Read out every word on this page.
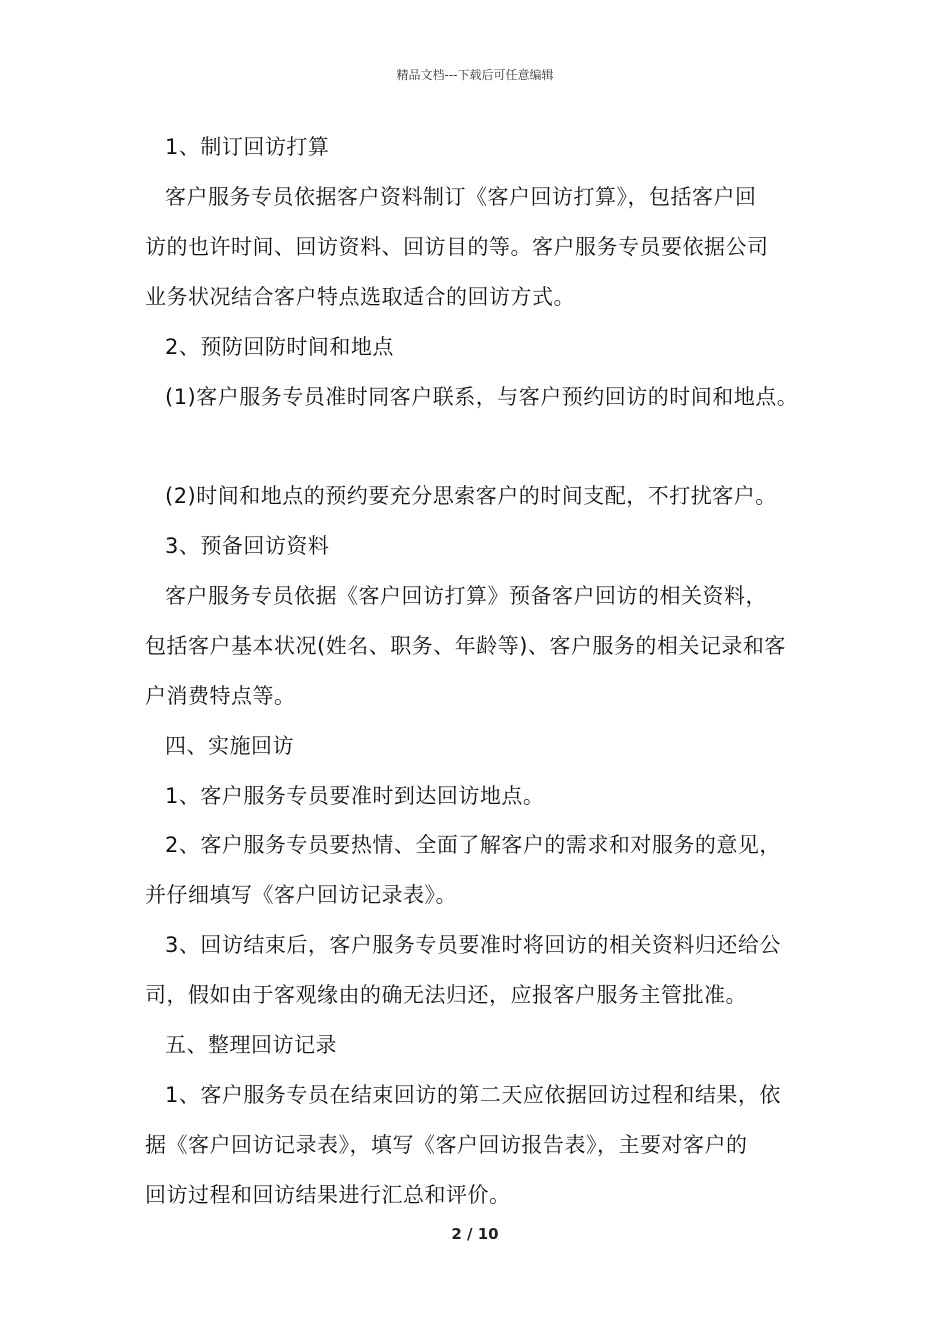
精品文档---下载后可任意编辑
1、制订回访打算
客户服务专员依据客户资料制订《客户回访打算》，包括客户回
访的也许时间、回访资料、回访目的等。客户服务专员要依据公司
业务状况结合客户特点选取适合的回访方式。
2、预防回防时间和地点
(1)客户服务专员准时同客户联系，与客户预约回访的时间和地点。
(2)时间和地点的预约要充分思索客户的时间支配，不打扰客户。
3、预备回访资料
客户服务专员依据《客户回访打算》预备客户回访的相关资料，
包括客户基本状况(姓名、职务、年龄等)、客户服务的相关记录和客
户消费特点等。
四、实施回访
1、客户服务专员要准时到达回访地点。
2、客户服务专员要热情、全面了解客户的需求和对服务的意见，
并仔细填写《客户回访记录表》。
3、回访结束后，客户服务专员要准时将回访的相关资料归还给公
司，假如由于客观缘由的确无法归还，应报客户服务主管批准。
五、整理回访记录
1、客户服务专员在结束回访的第二天应依据回访过程和结果，依
据《客户回访记录表》，填写《客户回访报告表》，主要对客户的
回访过程和回访结果进行汇总和评价。
2 / 10
